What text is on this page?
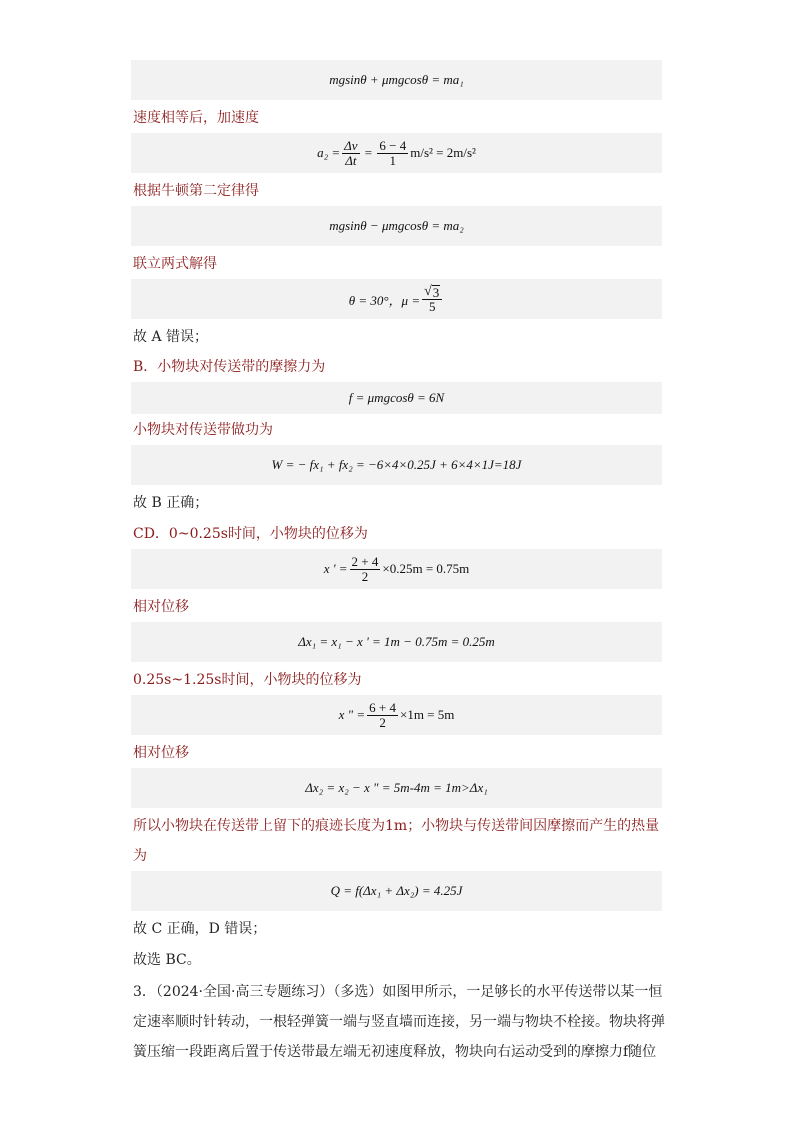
mgsinθ + μmgcosθ = ma₁
速度相等后，加速度
$a_2 = \frac{\Delta v}{\Delta t} = \frac{6 - 4}{1} m/s^2 = 2m/s^2$
根据牛顿第二定律得
mgsinθ − μmgcosθ = ma₂
联立两式解得
θ = 30°，$\mu = \frac{√ 3}{5}$
故 A 错误；
B．小物块对传送带的摩擦力为
f = μmgcosθ = 6N
小物块对传送带做功为
W = − fx₁ + fx₂ = −6×4×0.25J + 6×4×1J=18J
故 B 正确；
CD．0~0.25s时间，小物块的位移为
x ' = $\frac{2 + 4}{2} \times 0.25m = 0.75m$
相对位移
Δx₁ = x₁ − x ' = 1m − 0.75m = 0.25m
0.25s~1.25s时间，小物块的位移为
x " = $\frac{6 + 4}{2} \times 1m = 5m$
相对位移
Δx₂ = x₂ − x " = 5m-4m = 1m>Δx₁
所以小物块在传送带上留下的痕迹长度为1m；小物块与传送带间因摩擦而产生的热量
为
Q = f(Δx₁ + Δx₂) = 4.25J
故 C 正确，D 错误；
故选 BC。
3．（2024·全国·高三专题练习）（多选）如图甲所示，一足够长的水平传送带以某一恒
定速率顺时针转动，一根轻弹簧一端与竖直墙而连接，另一端与物块不栓接。物块将弹
簧压缩一段距离后置于传送带最左端无初速度释放，物块向右运动受到的摩擦力f随位
